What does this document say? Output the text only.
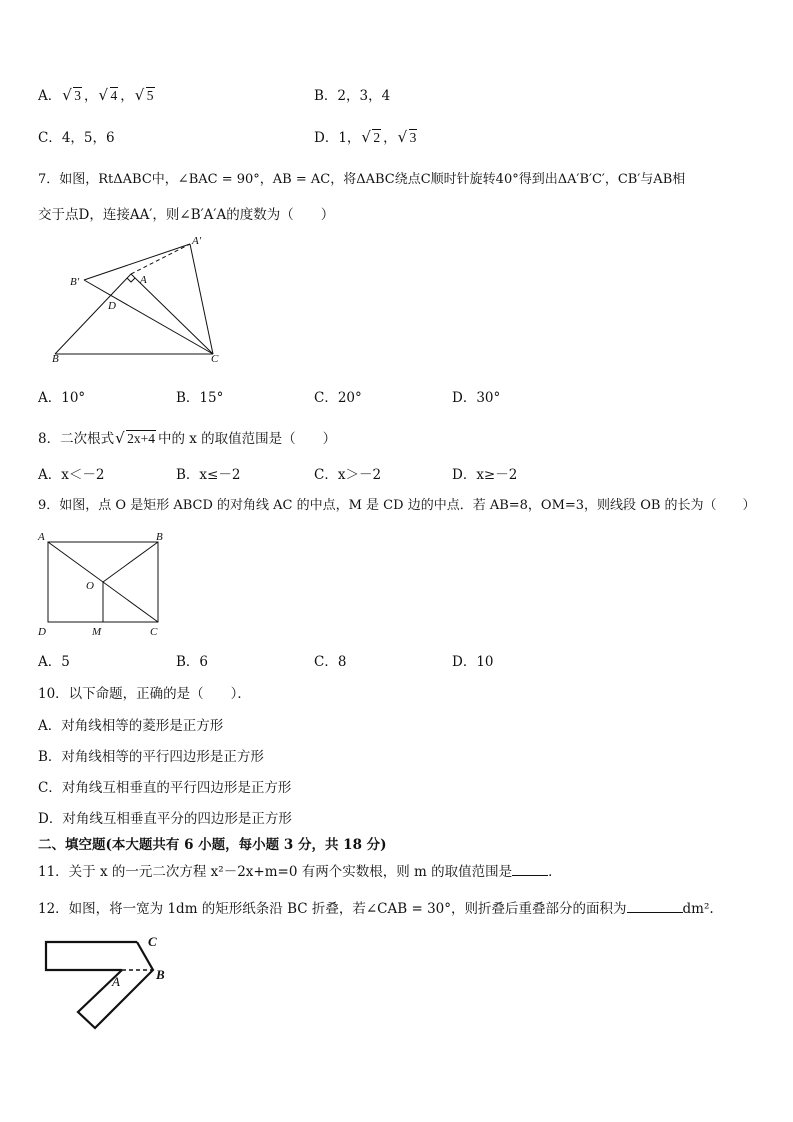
A． √ 3 ， √ 4 ， √ 5	B．2，3，4
C．4，5，6	D．1， √ 2 ， √ 3
7．如图，RtΔABC中，∠BAC = 90°，AB = AC，将ΔABC绕点C顺时针旋转40°得到出ΔA′B′C′，CB′与AB相
交于点D，连接AA′，则∠B′A′A的度数为（　　）
A'
A
B'
D
B	C
A．10°	B．15°	C．20°	D．30°
8．二次根式 √ 2x+4 中的 x 的取值范围是（　　）
A．x＜－2	B．x≤－2	C．x＞－2	D．x≥－2
9．如图，点 O 是矩形 ABCD 的对角线 AC 的中点，M 是 CD 边的中点．若 AB=8，OM=3，则线段 OB 的长为（　　）
A	B
O
D	M	C
A．5	B．6	C．8	D．10
10．以下命题，正确的是（　　）．
A．对角线相等的菱形是正方形
B．对角线相等的平行四边形是正方形
C．对角线互相垂直的平行四边形是正方形
D．对角线互相垂直平分的四边形是正方形
二、填空题(本大题共有 6 小题，每小题 3 分，共 18 分)
11．关于 x 的一元二次方程 x²－2x+m=0 有两个实数根，则 m 的取值范围是	．
12．如图，将一宽为 1dm 的矩形纸条沿 BC 折叠，若∠CAB = 30°，则折叠后重叠部分的面积为	dm².
C
A	B
